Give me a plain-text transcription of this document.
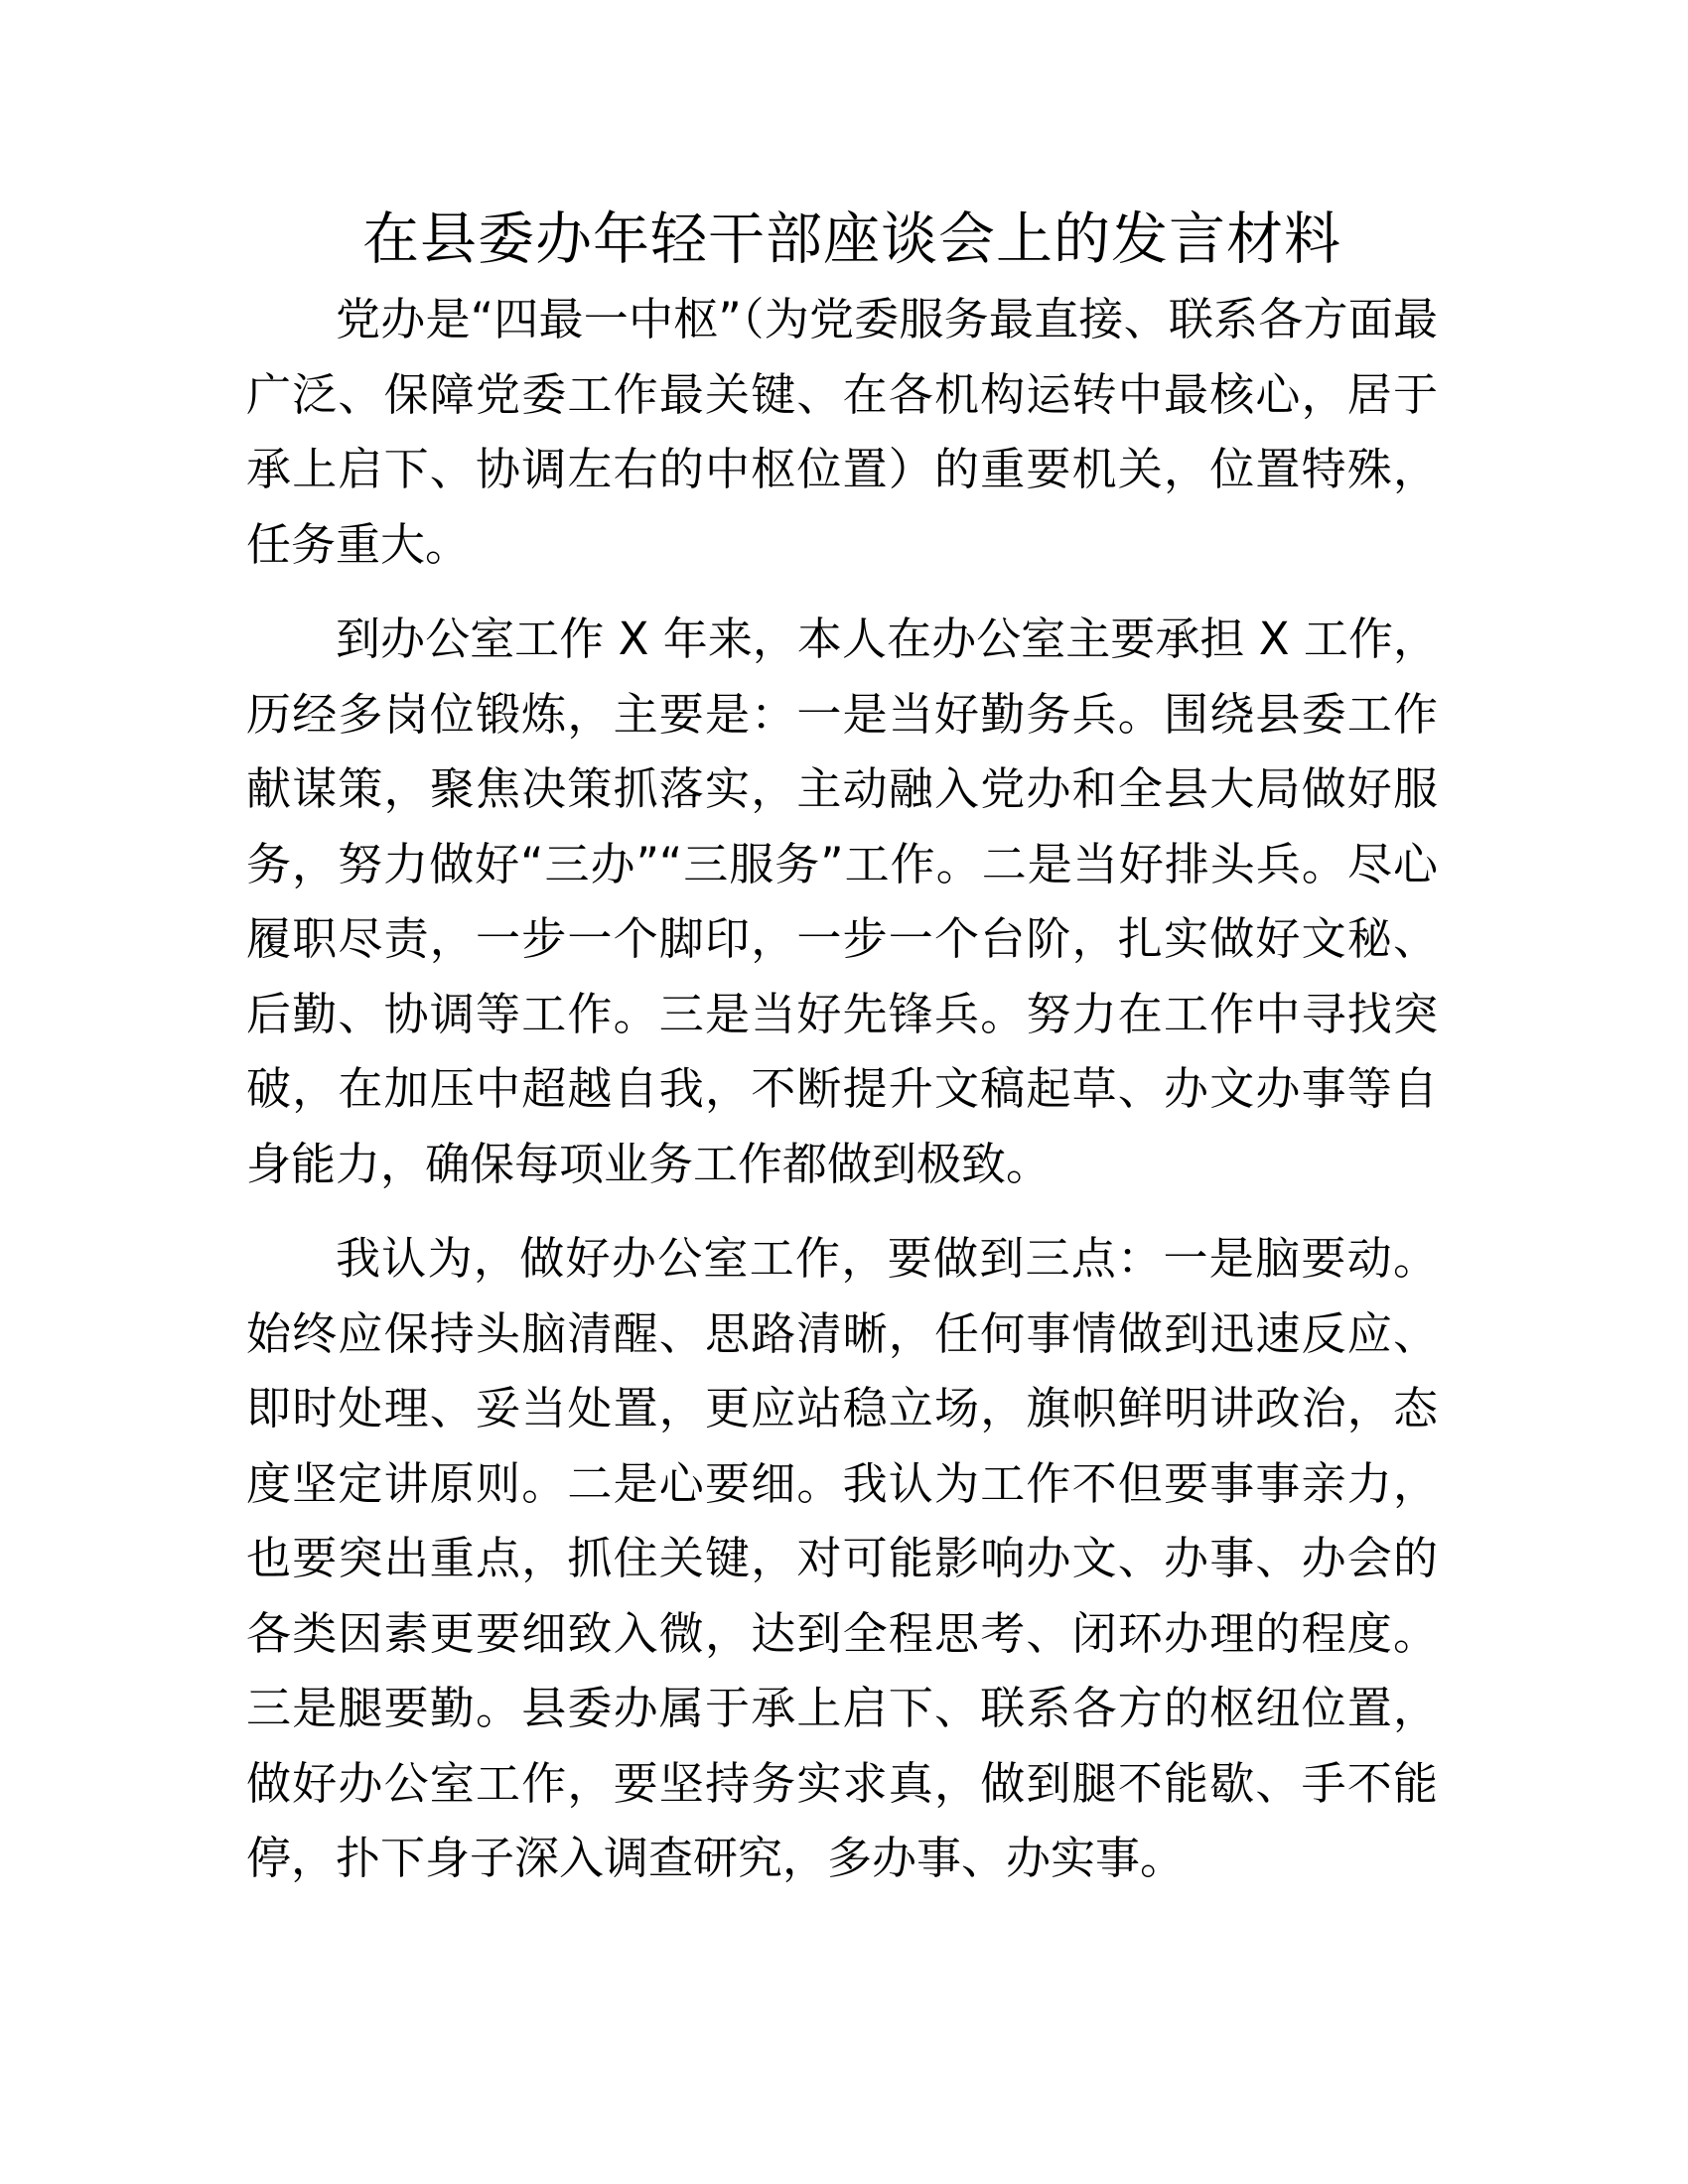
在县委办年轻干部座谈会上的发言材料

党办是“四最一中枢”（为党委服务最直接、联系各方面最广泛、保障党委工作最关键、在各机构运转中最核心，居于承上启下、协调左右的中枢位置）的重要机关，位置特殊，任务重大。

到办公室工作 X 年来，本人在办公室主要承担 X 工作，历经多岗位锻炼，主要是：一是当好勤务兵。围绕县委工作献谋策，聚焦决策抓落实，主动融入党办和全县大局做好服务，努力做好“三办”“三服务”工作。二是当好排头兵。尽心履职尽责，一步一个脚印，一步一个台阶，扎实做好文秘、后勤、协调等工作。三是当好先锋兵。努力在工作中寻找突破，在加压中超越自我，不断提升文稿起草、办文办事等自身能力，确保每项业务工作都做到极致。

我认为，做好办公室工作，要做到三点：一是脑要动。始终应保持头脑清醒、思路清晰，任何事情做到迅速反应、即时处理、妥当处置，更应站稳立场，旗帜鲜明讲政治，态度坚定讲原则。二是心要细。我认为工作不但要事事亲力，也要突出重点，抓住关键，对可能影响办文、办事、办会的各类因素更要细致入微，达到全程思考、闭环办理的程度。三是腿要勤。县委办属于承上启下、联系各方的枢纽位置，做好办公室工作，要坚持务实求真，做到腿不能歇、手不能停，扑下身子深入调查研究，多办事、办实事。
